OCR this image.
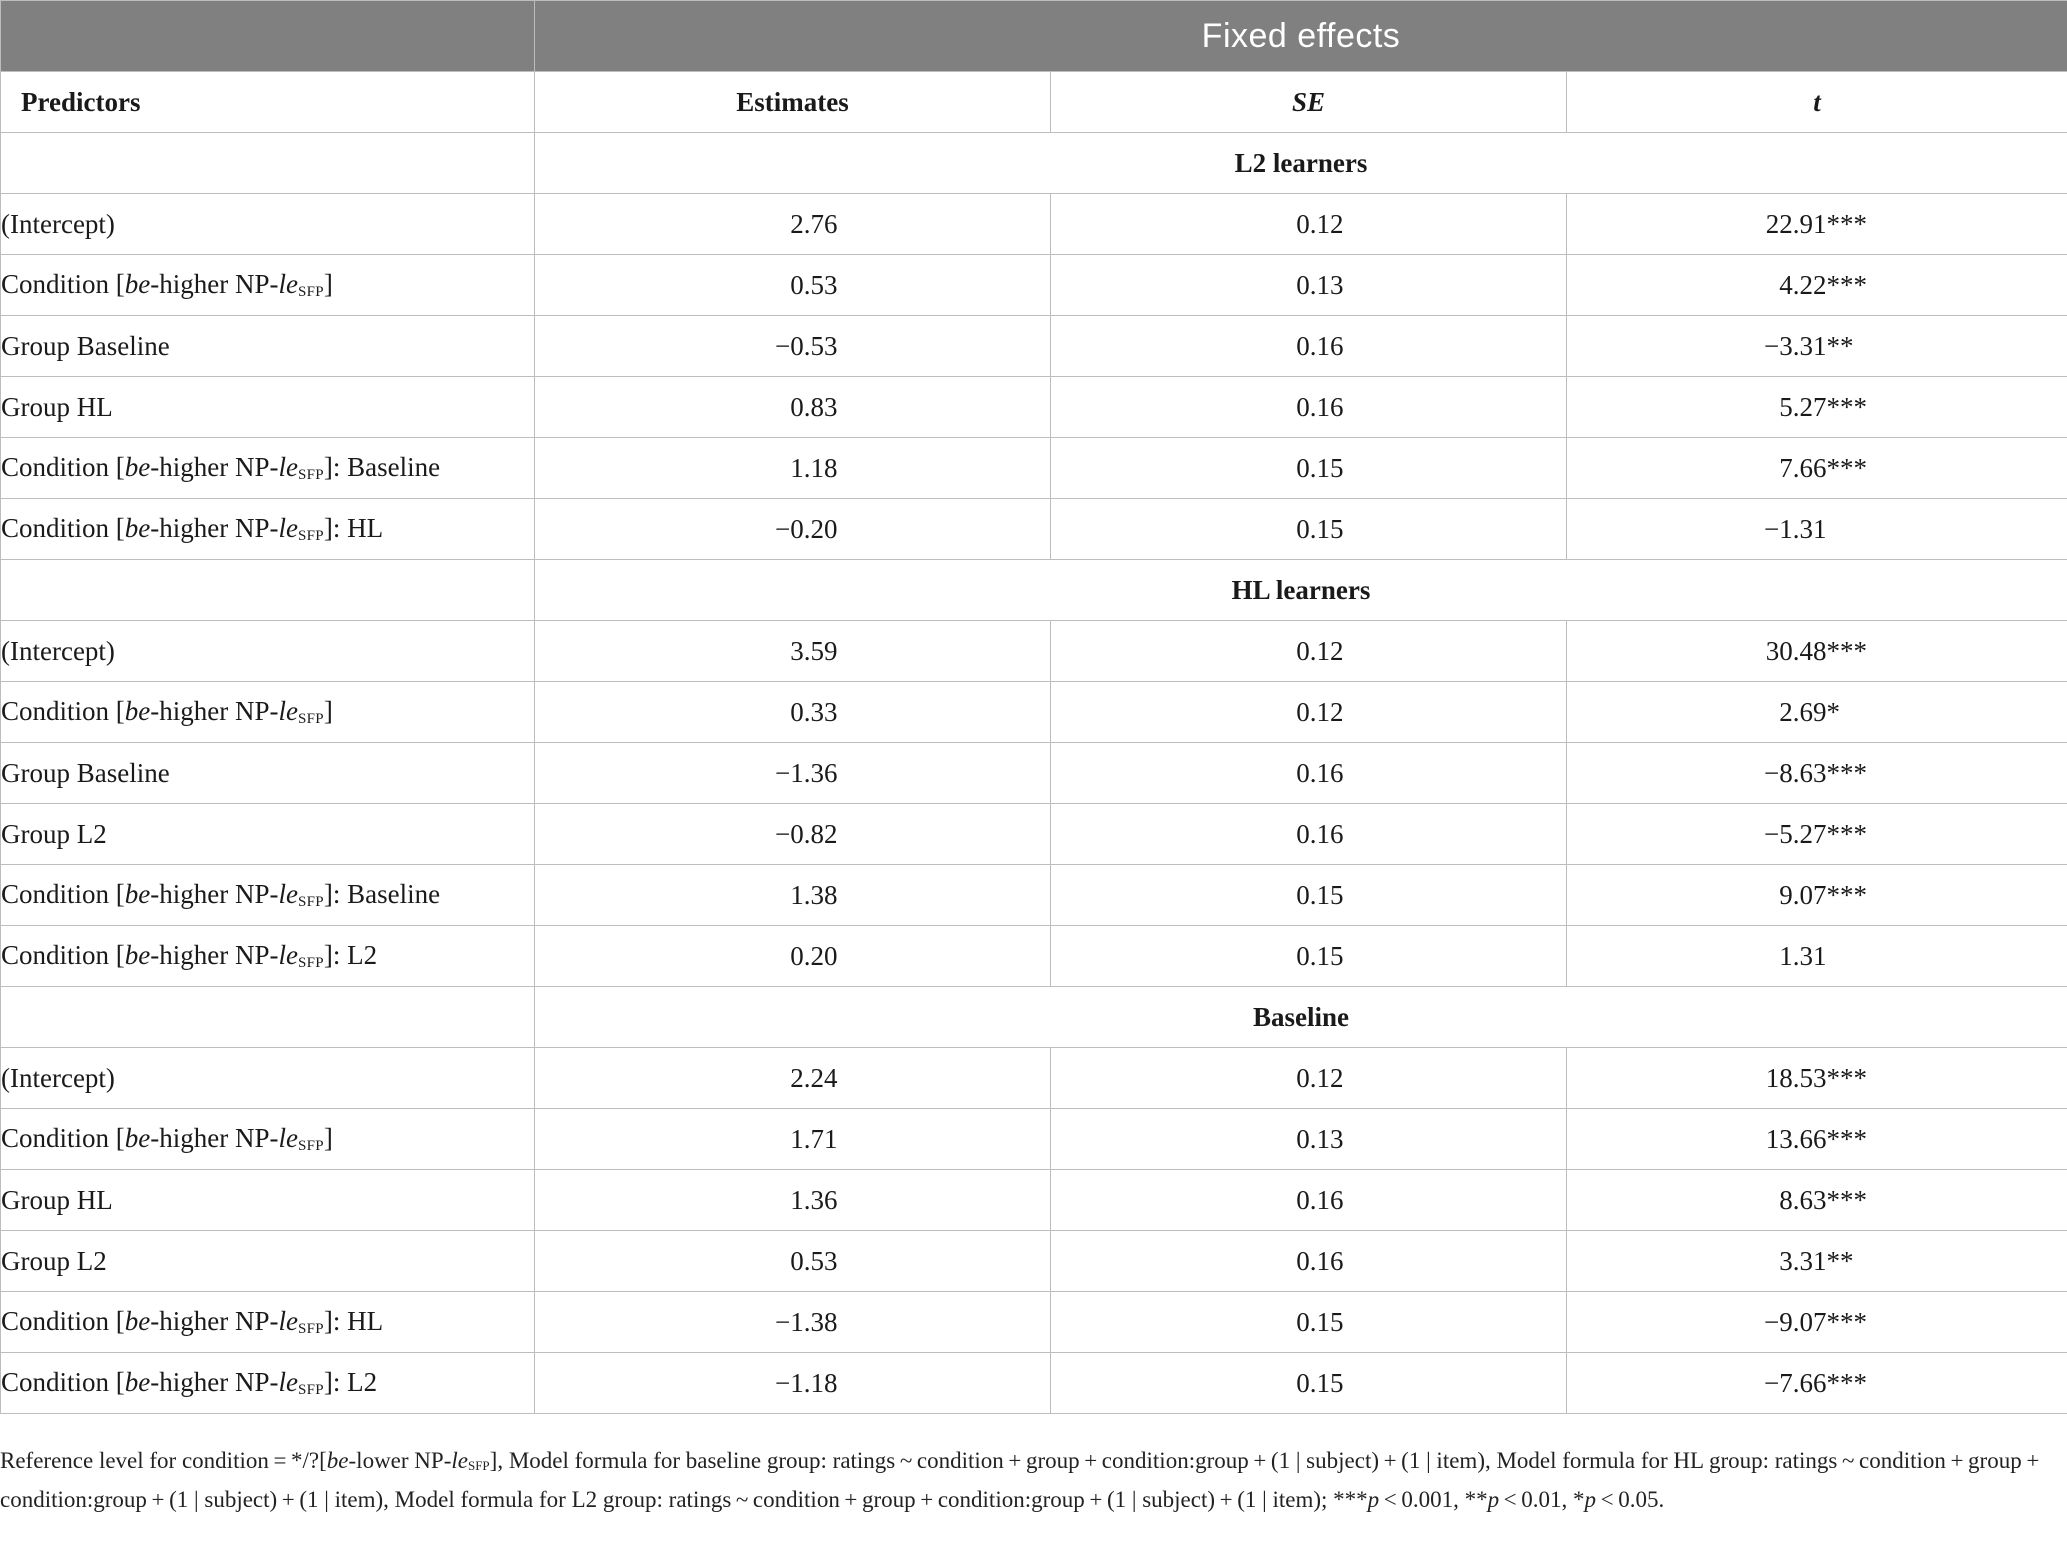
	Fixed effects		
Predictors	Estimates	SE	t
	L2 learners		
(Intercept)	2.76	0.12	22.91***
Condition [be-higher $NP-le_{SFP}$]	0.53	0.13	4.22***
Group Baseline	−0.53	0.16	−3.31**
Group HL	0.83	0.16	5.27***
Condition [be-higher $NP-le_{SFP}$]: Baseline	1.18	0.15	7.66***
Condition [be-higher $NP-le_{SFP}$]: HL	−0.20	0.15	−1.31
	HL learners		
(Intercept)	3.59	0.12	30.48***
Condition [be-higher $NP-le_{SFP}$]	0.33	0.12	2.69*
Group Baseline	−1.36	0.16	−8.63***
Group L2	−0.82	0.16	−5.27***
Condition [be-higher $NP-le_{SFP}$]: Baseline	1.38	0.15	9.07***
Condition [be-higher $NP-le_{SFP}$]: L2	0.20	0.15	1.31
	Baseline		
(Intercept)	2.24	0.12	18.53***
Condition [be-higher $NP-le_{SFP}$]	1.71	0.13	13.66***
Group HL	1.36	0.16	8.63***
Group L2	0.53	0.16	3.31**
Condition [be-higher $NP-le_{SFP}$]: HL	−1.38	0.15	−9.07***
Condition [be-higher $NP-le_{SFP}$]: L2	−1.18	0.15	−7.66***
Reference level for condition = */?[be-lower NP-leSFP], Model formula for baseline group: ratings ~ condition + group + condition:group + (1 | subject) + (1 | item), Model formula for HL group: ratings ~ condition + group + condition:group + (1 | subject) + (1 | item), Model formula for L2 group: ratings ~ condition + group + condition:group + (1 | subject) + (1 | item); ***p < 0.001, **p < 0.01, *p < 0.05.
